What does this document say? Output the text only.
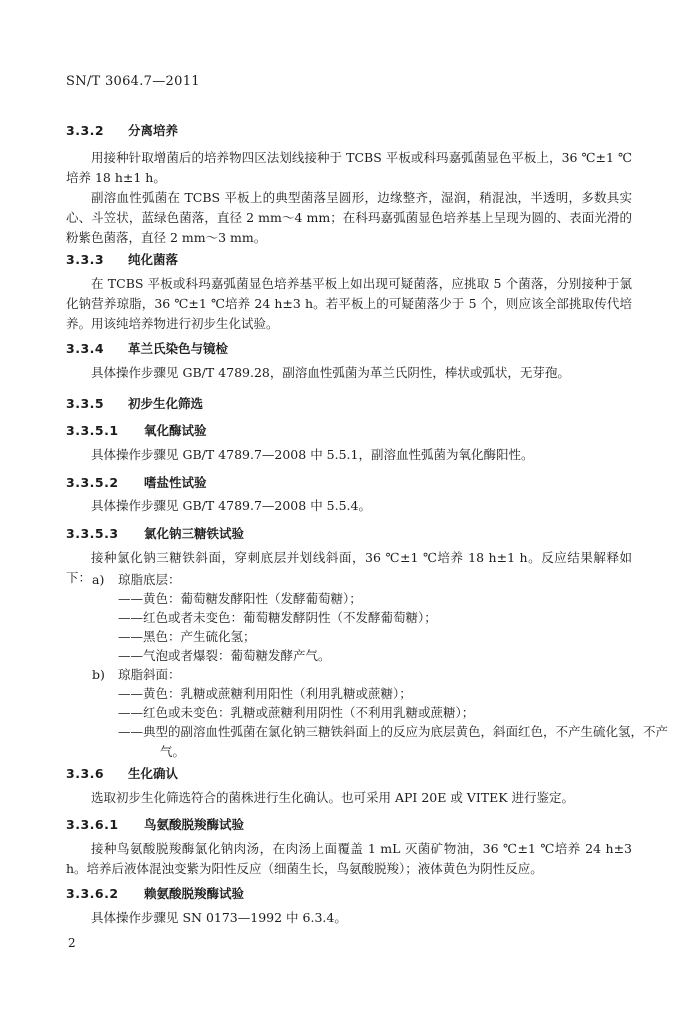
SN/T 3064.7—2011
3.3.2 分离培养
用接种针取增菌后的培养物四区法划线接种于 TCBS 平板或科玛嘉弧菌显色平板上，36 ℃±1 ℃培养 18 h±1 h。
副溶血性弧菌在 TCBS 平板上的典型菌落呈圆形，边缘整齐，湿润，稍混浊，半透明，多数具实心、斗笠状，蓝绿色菌落，直径 2 mm～4 mm；在科玛嘉弧菌显色培养基上呈现为圆的、表面光滑的粉紫色菌落，直径 2 mm～3 mm。
3.3.3 纯化菌落
在 TCBS 平板或科玛嘉弧菌显色培养基平板上如出现可疑菌落，应挑取 5 个菌落，分别接种于氯化钠营养琼脂，36 ℃±1 ℃培养 24 h±3 h。若平板上的可疑菌落少于 5 个，则应该全部挑取传代培养。用该纯培养物进行初步生化试验。
3.3.4 革兰氏染色与镜检
具体操作步骤见 GB/T 4789.28，副溶血性弧菌为革兰氏阴性，棒状或弧状，无芽孢。
3.3.5 初步生化筛选
3.3.5.1 氧化酶试验
具体操作步骤见 GB/T 4789.7—2008 中 5.5.1，副溶血性弧菌为氧化酶阳性。
3.3.5.2 嗜盐性试验
具体操作步骤见 GB/T 4789.7—2008 中 5.5.4。
3.3.5.3 氯化钠三糖铁试验
接种氯化钠三糖铁斜面，穿刺底层并划线斜面，36 ℃±1 ℃培养 18 h±1 h。反应结果解释如下： a) 琼脂底层：
——黄色：葡萄糖发酵阳性（发酵葡萄糖）；
——红色或者未变色：葡萄糖发酵阴性（不发酵葡萄糖）；
——黑色：产生硫化氢；
——气泡或者爆裂：葡萄糖发酵产气。
b) 琼脂斜面：
——黄色：乳糖或蔗糖利用阳性（利用乳糖或蔗糖）；
——红色或未变色：乳糖或蔗糖利用阴性（不利用乳糖或蔗糖）；
——典型的副溶血性弧菌在氯化钠三糖铁斜面上的反应为底层黄色，斜面红色，不产生硫化氢，不产气。
3.3.6 生化确认
选取初步生化筛选符合的菌株进行生化确认。也可采用 API 20E 或 VITEK 进行鉴定。
3.3.6.1 鸟氨酸脱羧酶试验
接种鸟氨酸脱羧酶氯化钠肉汤，在肉汤上面覆盖 1 mL 灭菌矿物油，36 ℃±1 ℃培养 24 h±3 h。培养后液体混浊变紫为阳性反应（细菌生长，鸟氨酸脱羧）；液体黄色为阴性反应。
3.3.6.2 赖氨酸脱羧酶试验
具体操作步骤见 SN 0173—1992 中 6.3.4。
2
